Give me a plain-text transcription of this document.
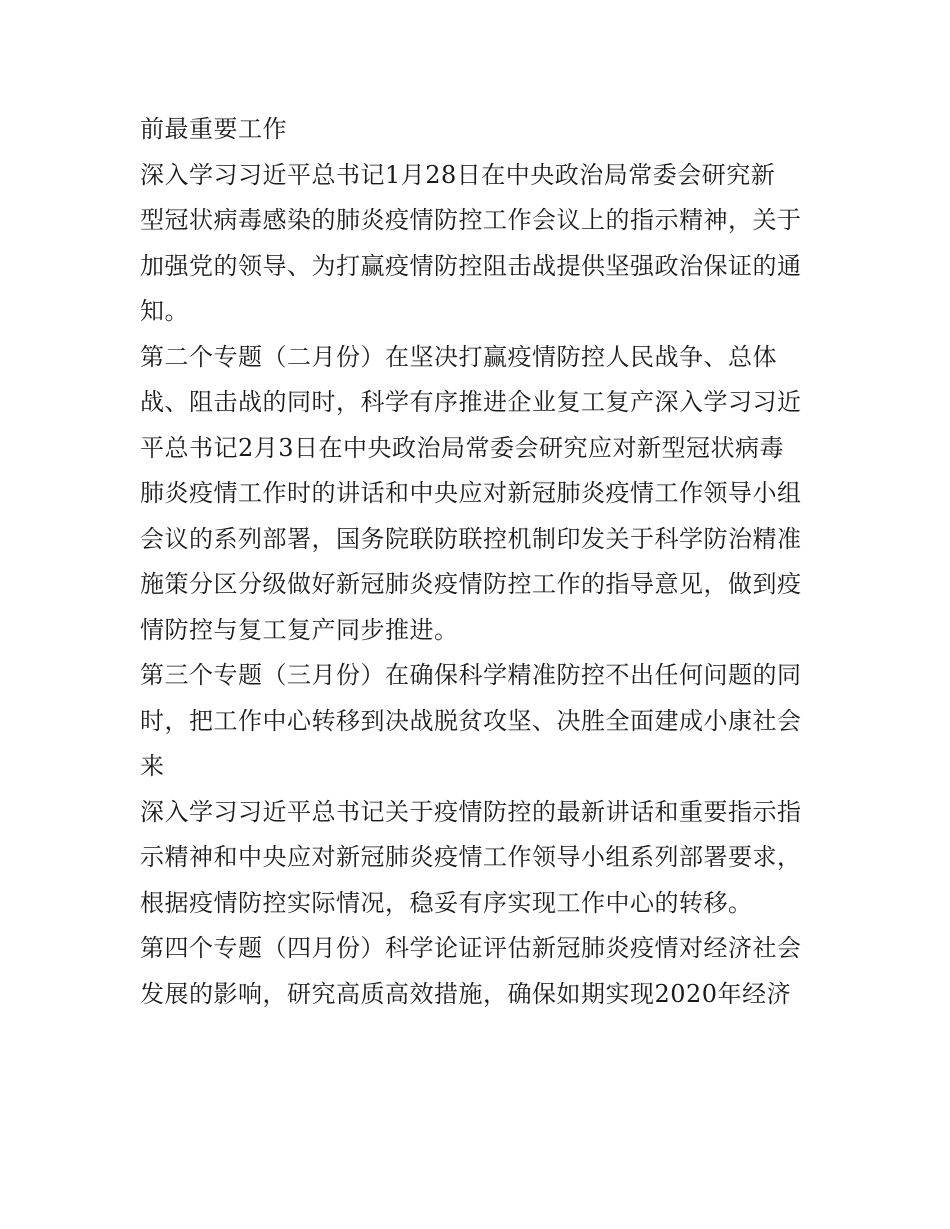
前最重要工作
深入学习习近平总书记1月28日在中央政治局常委会研究新
型冠状病毒感染的肺炎疫情防控工作会议上的指示精神，关于
加强党的领导、为打赢疫情防控阻击战提供坚强政治保证的通
知。
第二个专题（二月份）在坚决打赢疫情防控人民战争、总体
战、阻击战的同时，科学有序推进企业复工复产深入学习习近
平总书记2月3日在中央政治局常委会研究应对新型冠状病毒
肺炎疫情工作时的讲话和中央应对新冠肺炎疫情工作领导小组
会议的系列部署，国务院联防联控机制印发关于科学防治精准
施策分区分级做好新冠肺炎疫情防控工作的指导意见，做到疫
情防控与复工复产同步推进。
第三个专题（三月份）在确保科学精准防控不出任何问题的同
时，把工作中心转移到决战脱贫攻坚、决胜全面建成小康社会
来
深入学习习近平总书记关于疫情防控的最新讲话和重要指示指
示精神和中央应对新冠肺炎疫情工作领导小组系列部署要求，
根据疫情防控实际情况，稳妥有序实现工作中心的转移。
第四个专题（四月份）科学论证评估新冠肺炎疫情对经济社会
发展的影响，研究高质高效措施，确保如期实现2020年经济
